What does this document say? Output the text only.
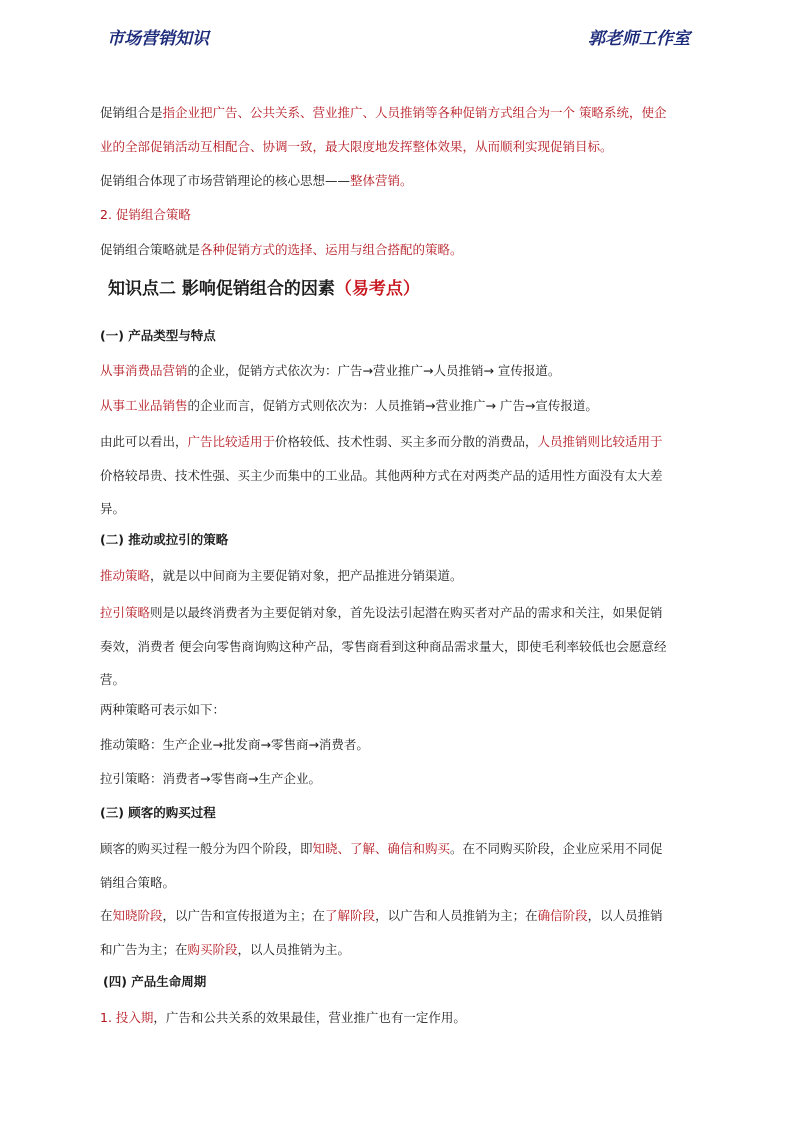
市场营销知识	郭老师工作室

促销组合是指企业把广告、公共关系、营业推广、人员推销等各种促销方式组合为一个 策略系统，使企业的全部促销活动互相配合、协调一致，最大限度地发挥整体效果，从而顺利实现促销目标。

促销组合体现了市场营销理论的核心思想——整体营销。

2. 促销组合策略

促销组合策略就是各种促销方式的选择、运用与组合搭配的策略。

知识点二 影响促销组合的因素（易考点）
(一) 产品类型与特点

从事消费品营销的企业，促销方式依次为：广告→营业推广→人员推销→ 宣传报道。

从事工业品销售的企业而言，促销方式则依次为：人员推销→营业推广→ 广告→宣传报道。

由此可以看出，广告比较适用于价格较低、技术性弱、买主多而分散的消费品，人员推销则比较适用于价格较昂贵、技术性强、买主少而集中的工业品。其他两种方式在对两类产品的适用性方面没有太大差异。

(二) 推动或拉引的策略

推动策略，就是以中间商为主要促销对象，把产品推进分销渠道。

拉引策略则是以最终消费者为主要促销对象，首先设法引起潜在购买者对产品的需求和关注，如果促销奏效，消费者 便会向零售商询购这种产品，零售商看到这种商品需求量大，即使毛利率较低也会愿意经营。

两种策略可表示如下：

推动策略：生产企业→批发商→零售商→消费者。

拉引策略：消费者→零售商→生产企业。

(三) 顾客的购买过程

顾客的购买过程一般分为四个阶段，即知晓、了解、确信和购买。在不同购买阶段，企业应采用不同促销组合策略。

在知晓阶段，以广告和宣传报道为主；在了解阶段，以广告和人员推销为主；在确信阶段，以人员推销和广告为主；在购买阶段，以人员推销为主。

(四) 产品生命周期

1. 投入期，广告和公共关系的效果最佳，营业推广也有一定作用。
